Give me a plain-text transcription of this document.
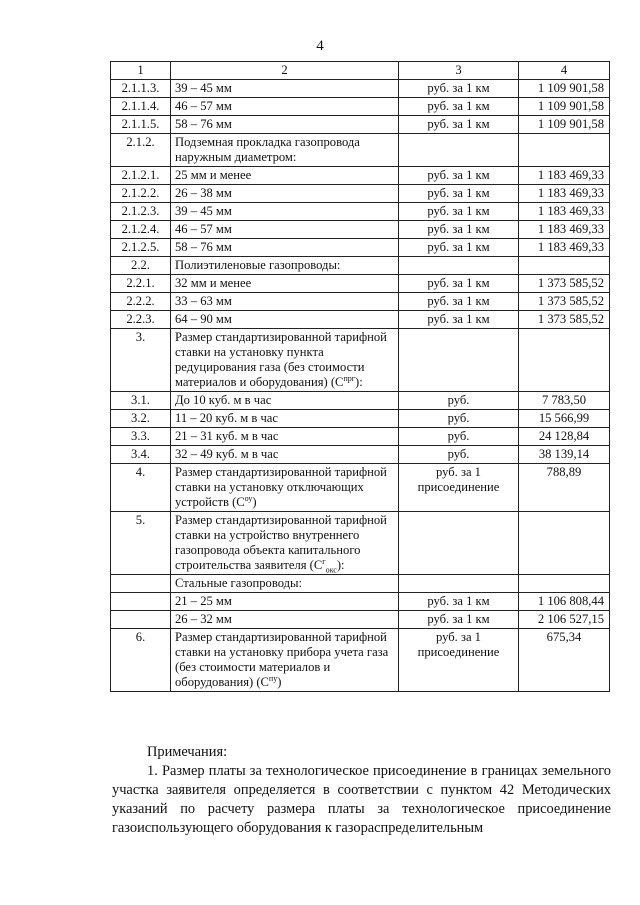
4
1	2	3	4
2.1.1.3.	39 – 45 мм	руб. за 1 км	1 109 901,58
2.1.1.4.	46 – 57 мм	руб. за 1 км	1 109 901,58
2.1.1.5.	58 – 76 мм	руб. за 1 км	1 109 901,58
2.1.2.	Подземная прокладка газопровода наружным диаметром:		
2.1.2.1.	25 мм и менее	руб. за 1 км	1 183 469,33
2.1.2.2.	26 – 38 мм	руб. за 1 км	1 183 469,33
2.1.2.3.	39 – 45 мм	руб. за 1 км	1 183 469,33
2.1.2.4.	46 – 57 мм	руб. за 1 км	1 183 469,33
2.1.2.5.	58 – 76 мм	руб. за 1 км	1 183 469,33
2.2.	Полиэтиленовые газопроводы:		
2.2.1.	32 мм и менее	руб. за 1 км	1 373 585,52
2.2.2.	33 – 63 мм	руб. за 1 км	1 373 585,52
2.2.3.	64 – 90 мм	руб. за 1 км	1 373 585,52
3.	Размер стандартизированной тарифной ставки на установку пункта редуцирования газа (без стоимости материалов и оборудования) $(С^{прг})$:		
3.1.	До 10 куб. м в час	руб.	7 783,50
3.2.	11 – 20 куб. м в час	руб.	15 566,99
3.3.	21 – 31 куб. м в час	руб.	24 128,84
3.4.	32 – 49 куб. м в час	руб.	38 139,14
4.	Размер стандартизированной тарифной ставки на установку отключающих устройств $(С^{оу})$	руб. за 1 присоединение	788,89
5.	Размер стандартизированной тарифной ставки на устройство внутреннего газопровода объекта капитального строительства заявителя $(С^г_{окс})$:		
	Стальные газопроводы:		
	21 – 25 мм	руб. за 1 км	1 106 808,44
	26 – 32 мм	руб. за 1 км	2 106 527,15
6.	Размер стандартизированной тарифной ставки на установку прибора учета газа (без стоимости материалов и оборудования) $(С^{пу})$	руб. за 1 присоединение	675,34
Примечания:
1. Размер платы за технологическое присоединение в границах земельного участка заявителя определяется в соответствии с пунктом 42 Методических указаний по расчету размера платы за технологическое присоединение газоиспользующего оборудования к газораспределительным
